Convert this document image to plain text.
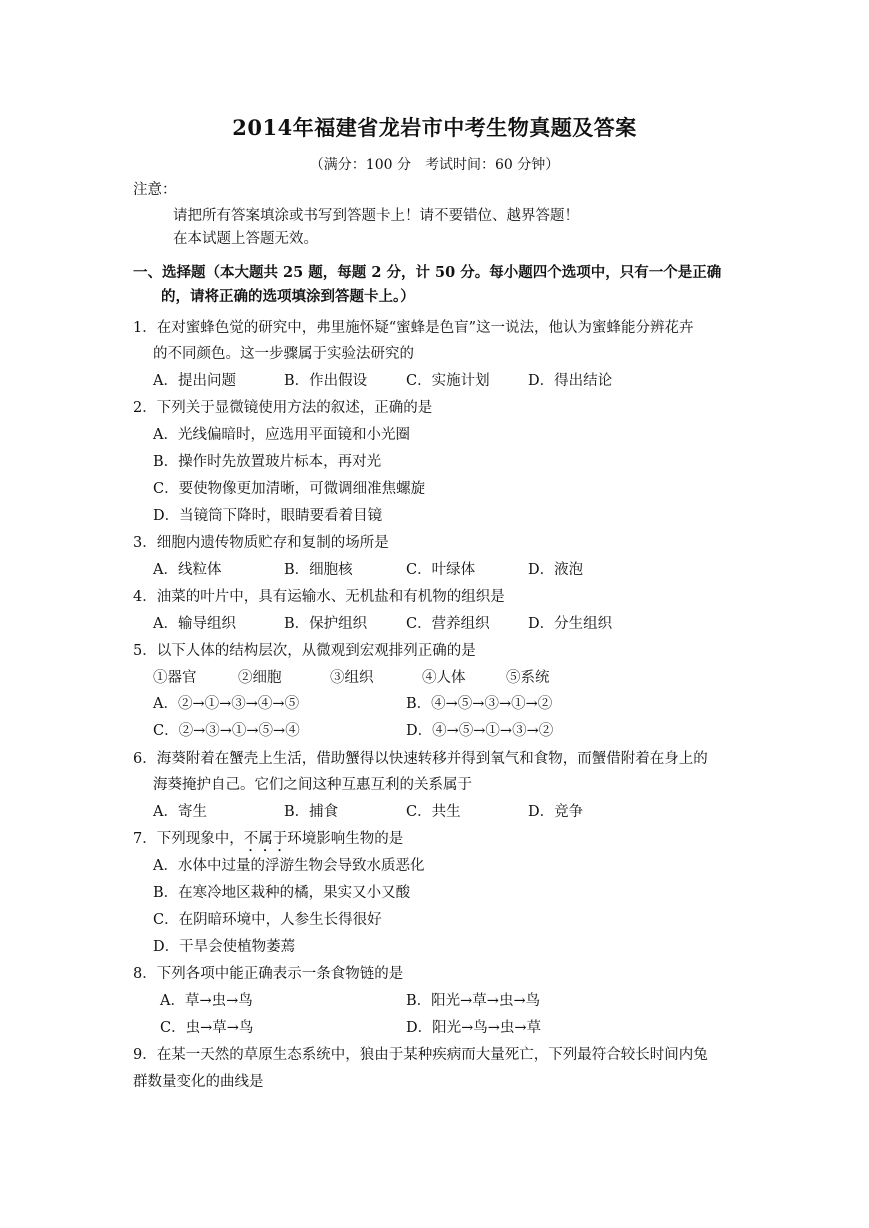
2014年福建省龙岩市中考生物真题及答案
（满分：100 分　考试时间：60 分钟）
注意：
请把所有答案填涂或书写到答题卡上！请不要错位、越界答题！
在本试题上答题无效。
一、选择题（本大题共 25 题，每题 2 分，计 50 分。每小题四个选项中，只有一个是正确
的，请将正确的选项填涂到答题卡上。）
1．在对蜜蜂色觉的研究中，弗里施怀疑“蜜蜂是色盲”这一说法，他认为蜜蜂能分辨花卉
的不同颜色。这一步骤属于实验法研究的
A．提出问题	B．作出假设	C．实施计划	D．得出结论
2．下列关于显微镜使用方法的叙述，正确的是
A．光线偏暗时，应选用平面镜和小光圈
B．操作时先放置玻片标本，再对光
C．要使物像更加清晰，可微调细准焦螺旋
D．当镜筒下降时，眼睛要看着目镜
3．细胞内遗传物质贮存和复制的场所是
A．线粒体	B．细胞核	C．叶绿体	D．液泡
4．油菜的叶片中，具有运输水、无机盐和有机物的组织是
A．输导组织	B．保护组织	C．营养组织	D．分生组织
5．以下人体的结构层次，从微观到宏观排列正确的是
①器官	②细胞	③组织	④人体	⑤系统
A．②→①→③→④→⑤	B．④→⑤→③→①→②
C．②→③→①→⑤→④	D．④→⑤→①→③→②
6．海葵附着在蟹壳上生活，借助蟹得以快速转移并得到氧气和食物，而蟹借附着在身上的
海葵掩护自己。它们之间这种互惠互利的关系属于
A．寄生	B．捕食	C．共生	D．竞争
7．下列现象中，不属于环境影响生物的是
A．水体中过量的浮游生物会导致水质恶化
B．在寒冷地区栽种的橘，果实又小又酸
C．在阴暗环境中，人参生长得很好
D．干旱会使植物萎蔫
8．下列各项中能正确表示一条食物链的是
A．草→虫→鸟	B．阳光→草→虫→鸟
C．虫→草→鸟	D．阳光→鸟→虫→草
9．在某一天然的草原生态系统中，狼由于某种疾病而大量死亡，下列最符合较长时间内兔
群数量变化的曲线是
